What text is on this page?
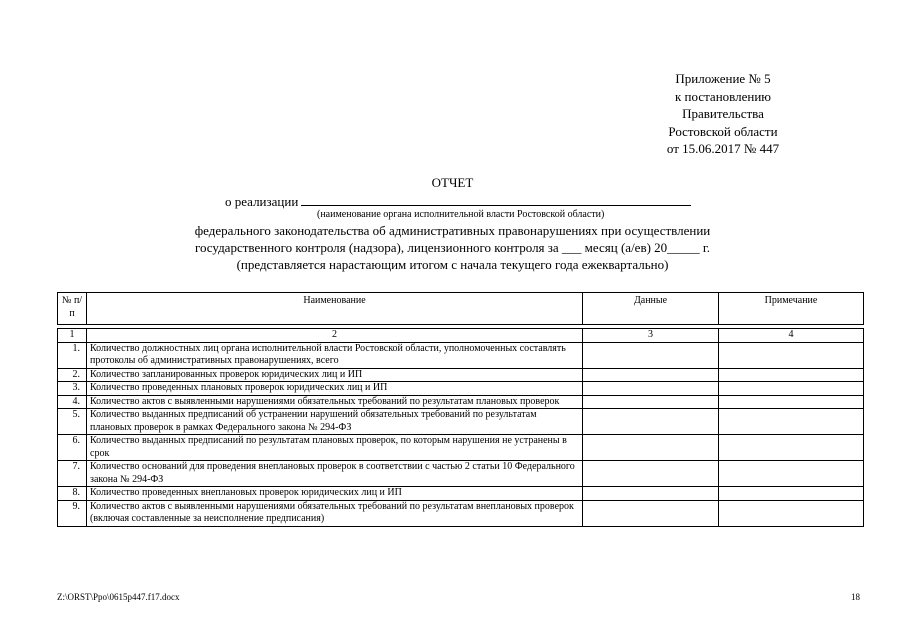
Приложение № 5
к постановлению
Правительства
Ростовской области
от 15.06.2017 № 447
ОТЧЕТ
о реализации
(наименование органа исполнительной власти Ростовской области)
федерального законодательства об административных правонарушениях при осуществлении
государственного контроля (надзора), лицензионного контроля за ___ месяц (а/ев) 20_____ г.
(представляется нарастающим итогом с начала текущего года ежеквартально)
№ п/п	Наименование	Данные	Примечание

1	2	3	4
1.	Количество должностных лиц органа исполнительной власти Ростовской области, уполномоченных составлять протоколы об административных правонарушениях, всего		
2.	Количество запланированных проверок юридических лиц и ИП		
3.	Количество проведенных плановых проверок юридических лиц и ИП		
4.	Количество актов с выявленными нарушениями обязательных требований по результатам плановых проверок		
5.	Количество выданных предписаний об устранении нарушений обязательных требований по результатам плановых проверок в рамках Федерального закона № 294-ФЗ		
6.	Количество выданных предписаний по результатам плановых проверок, по которым нарушения не устранены в срок		
7.	Количество оснований для проведения внеплановых проверок в соответствии с частью 2 статьи 10 Федерального закона № 294-ФЗ		
8.	Количество проведенных внеплановых проверок юридических лиц и ИП		
9.	Количество актов с выявленными нарушениями обязательных требований по результатам внеплановых проверок (включая составленные за неисполнение предписания)		
Z:\ORST\Ppo\0615p447.f17.docx	18
